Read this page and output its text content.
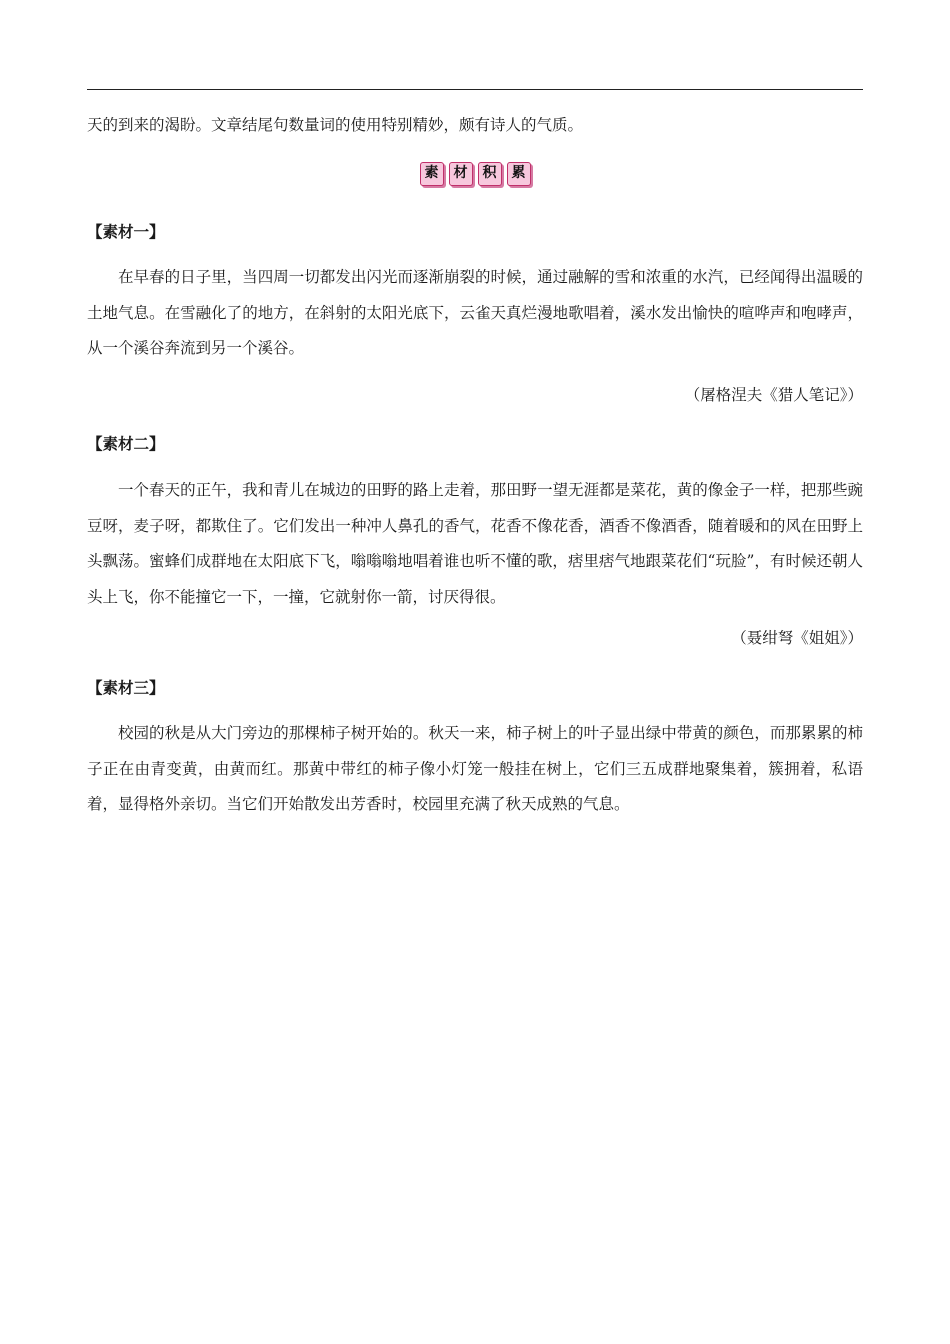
天的到来的渴盼。文章结尾句数量词的使用特别精妙，颇有诗人的气质。
素	材	积	累
【素材一】

在早春的日子里，当四周一切都发出闪光而逐渐崩裂的时候，通过融解的雪和浓重的水汽，已经闻得出温暖的土地气息。在雪融化了的地方，在斜射的太阳光底下，云雀天真烂漫地歌唱着，溪水发出愉快的喧哗声和咆哮声，从一个溪谷奔流到另一个溪谷。

（屠格涅夫《猎人笔记》）
【素材二】

一个春天的正午，我和青儿在城边的田野的路上走着，那田野一望无涯都是菜花，黄的像金子一样，把那些豌豆呀，麦子呀，都欺住了。它们发出一种冲人鼻孔的香气，花香不像花香，酒香不像酒香，随着暖和的风在田野上头飘荡。蜜蜂们成群地在太阳底下飞，嗡嗡嗡地唱着谁也听不懂的歌，痞里痞气地跟菜花们“玩脸”，有时候还朝人头上飞，你不能撞它一下，一撞，它就射你一箭，讨厌得很。

（聂绀弩《姐姐》）
【素材三】

校园的秋是从大门旁边的那棵柿子树开始的。秋天一来，柿子树上的叶子显出绿中带黄的颜色，而那累累的柿子正在由青变黄，由黄而红。那黄中带红的柿子像小灯笼一般挂在树上，它们三五成群地聚集着，簇拥着，私语着，显得格外亲切。当它们开始散发出芳香时，校园里充满了秋天成熟的气息。
